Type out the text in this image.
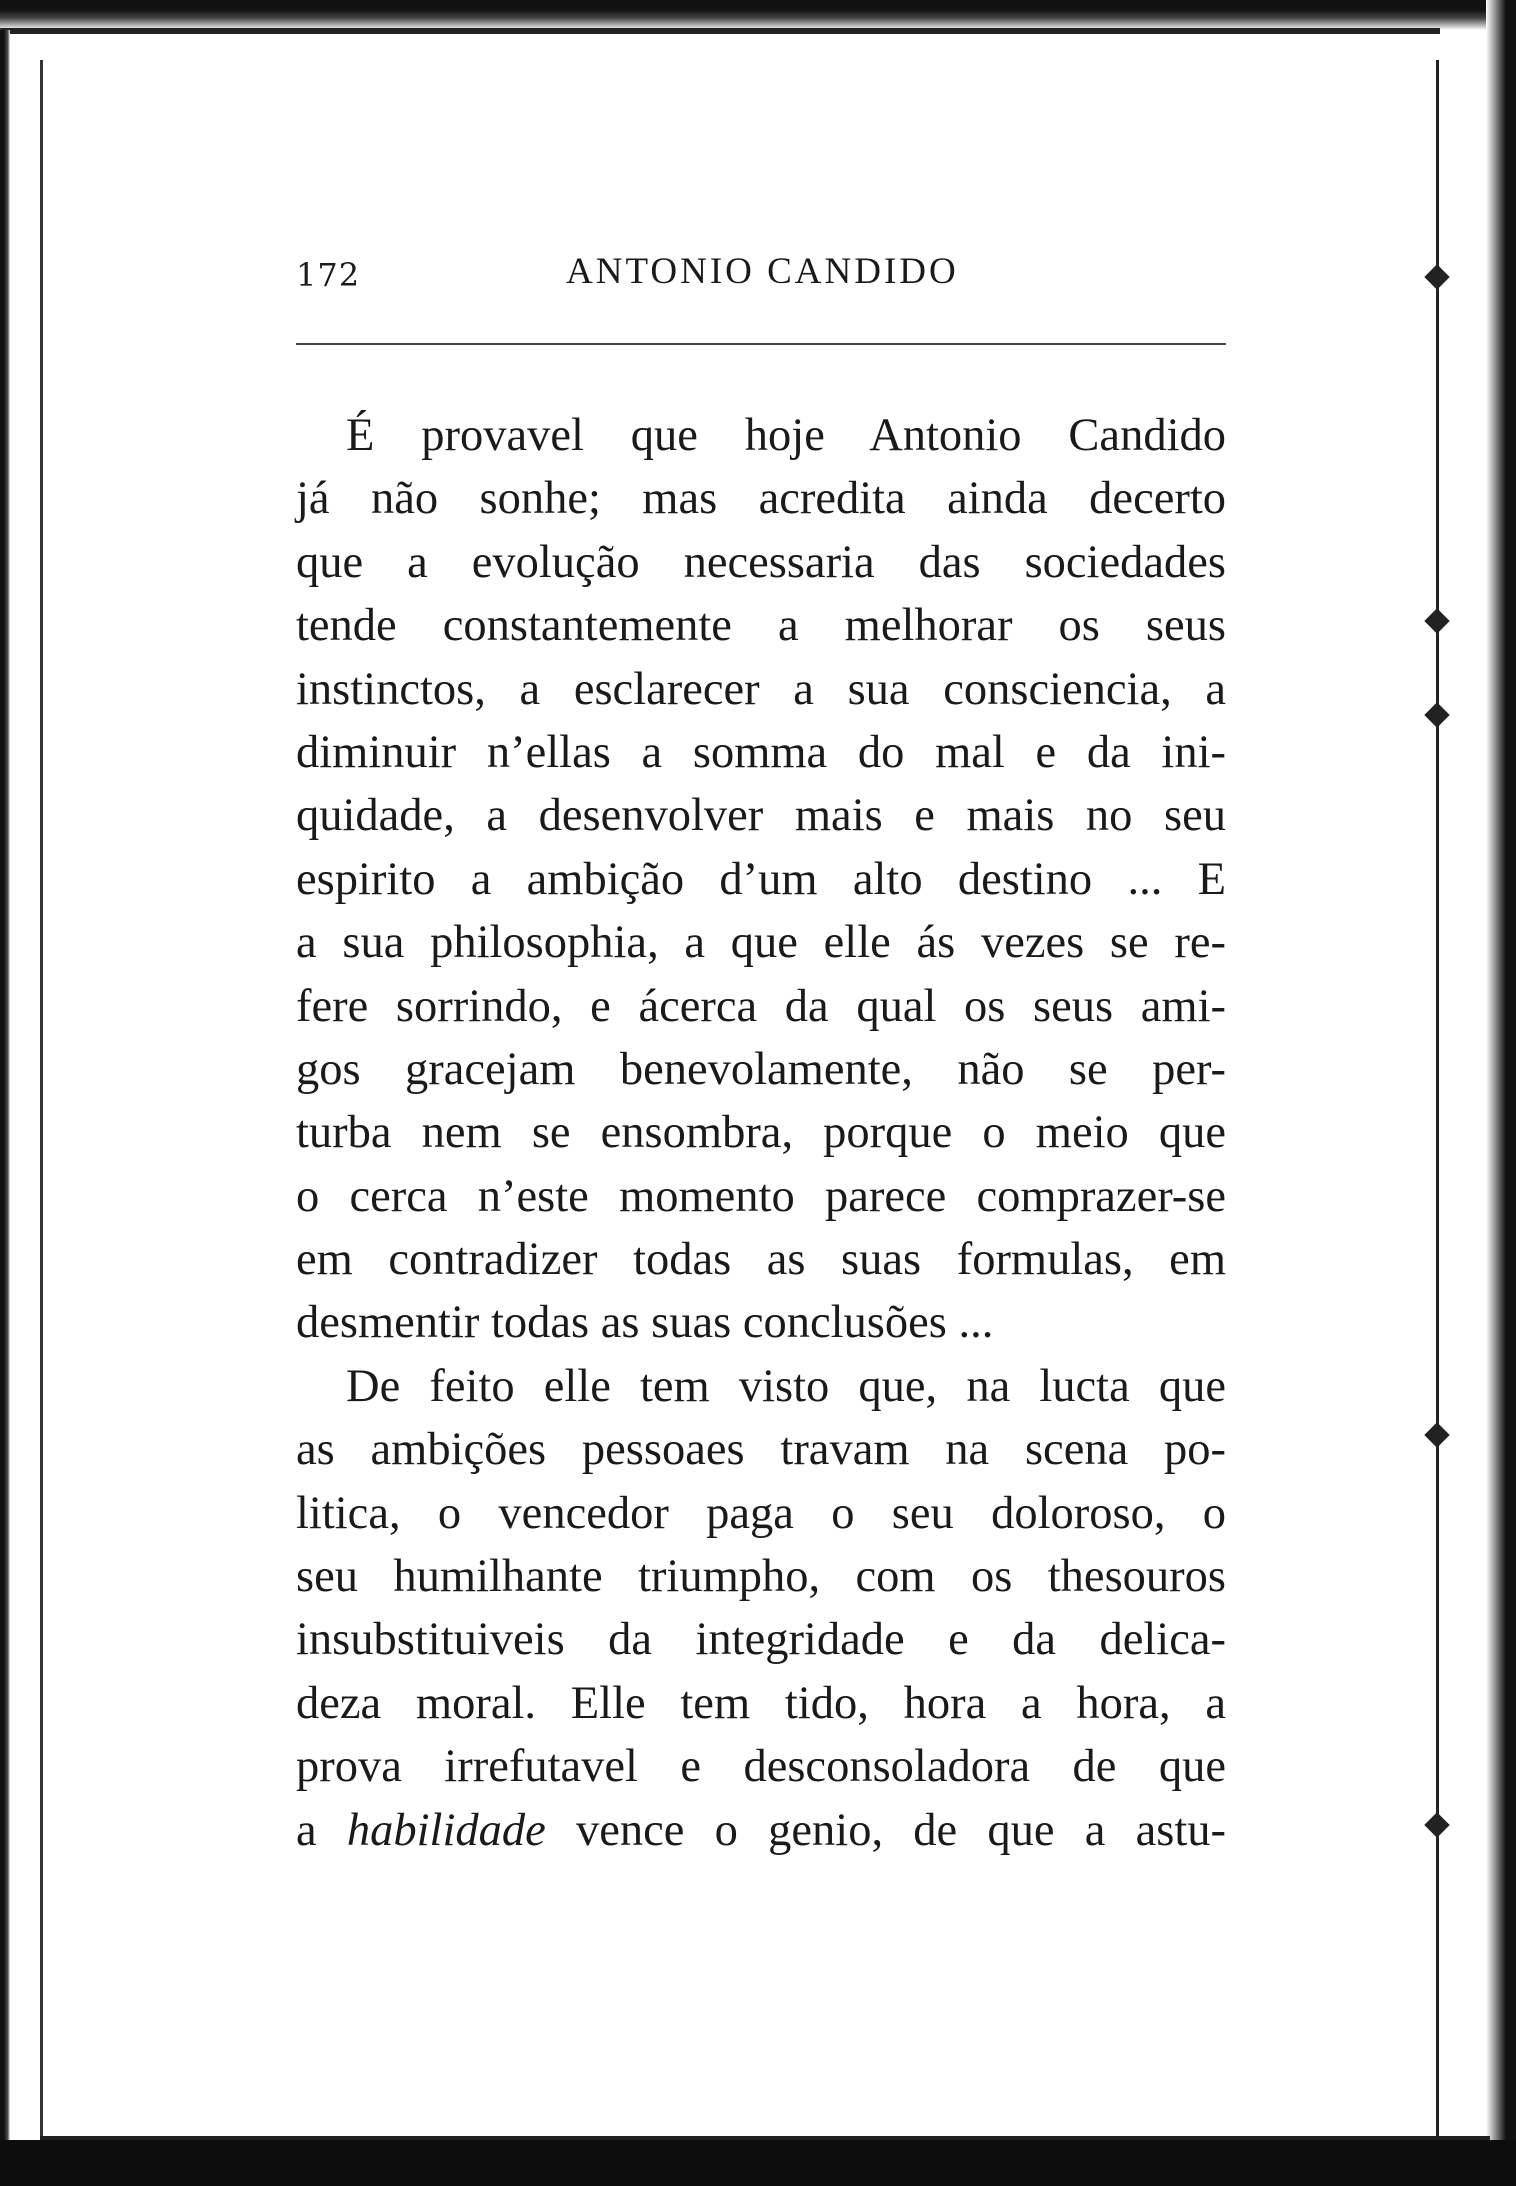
172	ANTONIO CANDIDO
É provavel que hoje Antonio Candido
já não sonhe; mas acredita ainda decerto
que a evolução necessaria das sociedades
tende constantemente a melhorar os seus
instinctos, a esclarecer a sua consciencia, a
diminuir n’ellas a somma do mal e da ini-
quidade, a desenvolver mais e mais no seu
espirito a ambição d’um alto destino ... E
a sua philosophia, a que elle ás vezes se re-
fere sorrindo, e ácerca da qual os seus ami-
gos gracejam benevolamente, não se per-
turba nem se ensombra, porque o meio que
o cerca n’este momento parece comprazer-se
em contradizer todas as suas formulas, em
desmentir todas as suas conclusões ...
De feito elle tem visto que, na lucta que
as ambições pessoaes travam na scena po-
litica, o vencedor paga o seu doloroso, o
seu humilhante triumpho, com os thesouros
insubstituiveis da integridade e da delica-
deza moral. Elle tem tido, hora a hora, a
prova irrefutavel e desconsoladora de que
a habilidade vence o genio, de que a astu-
